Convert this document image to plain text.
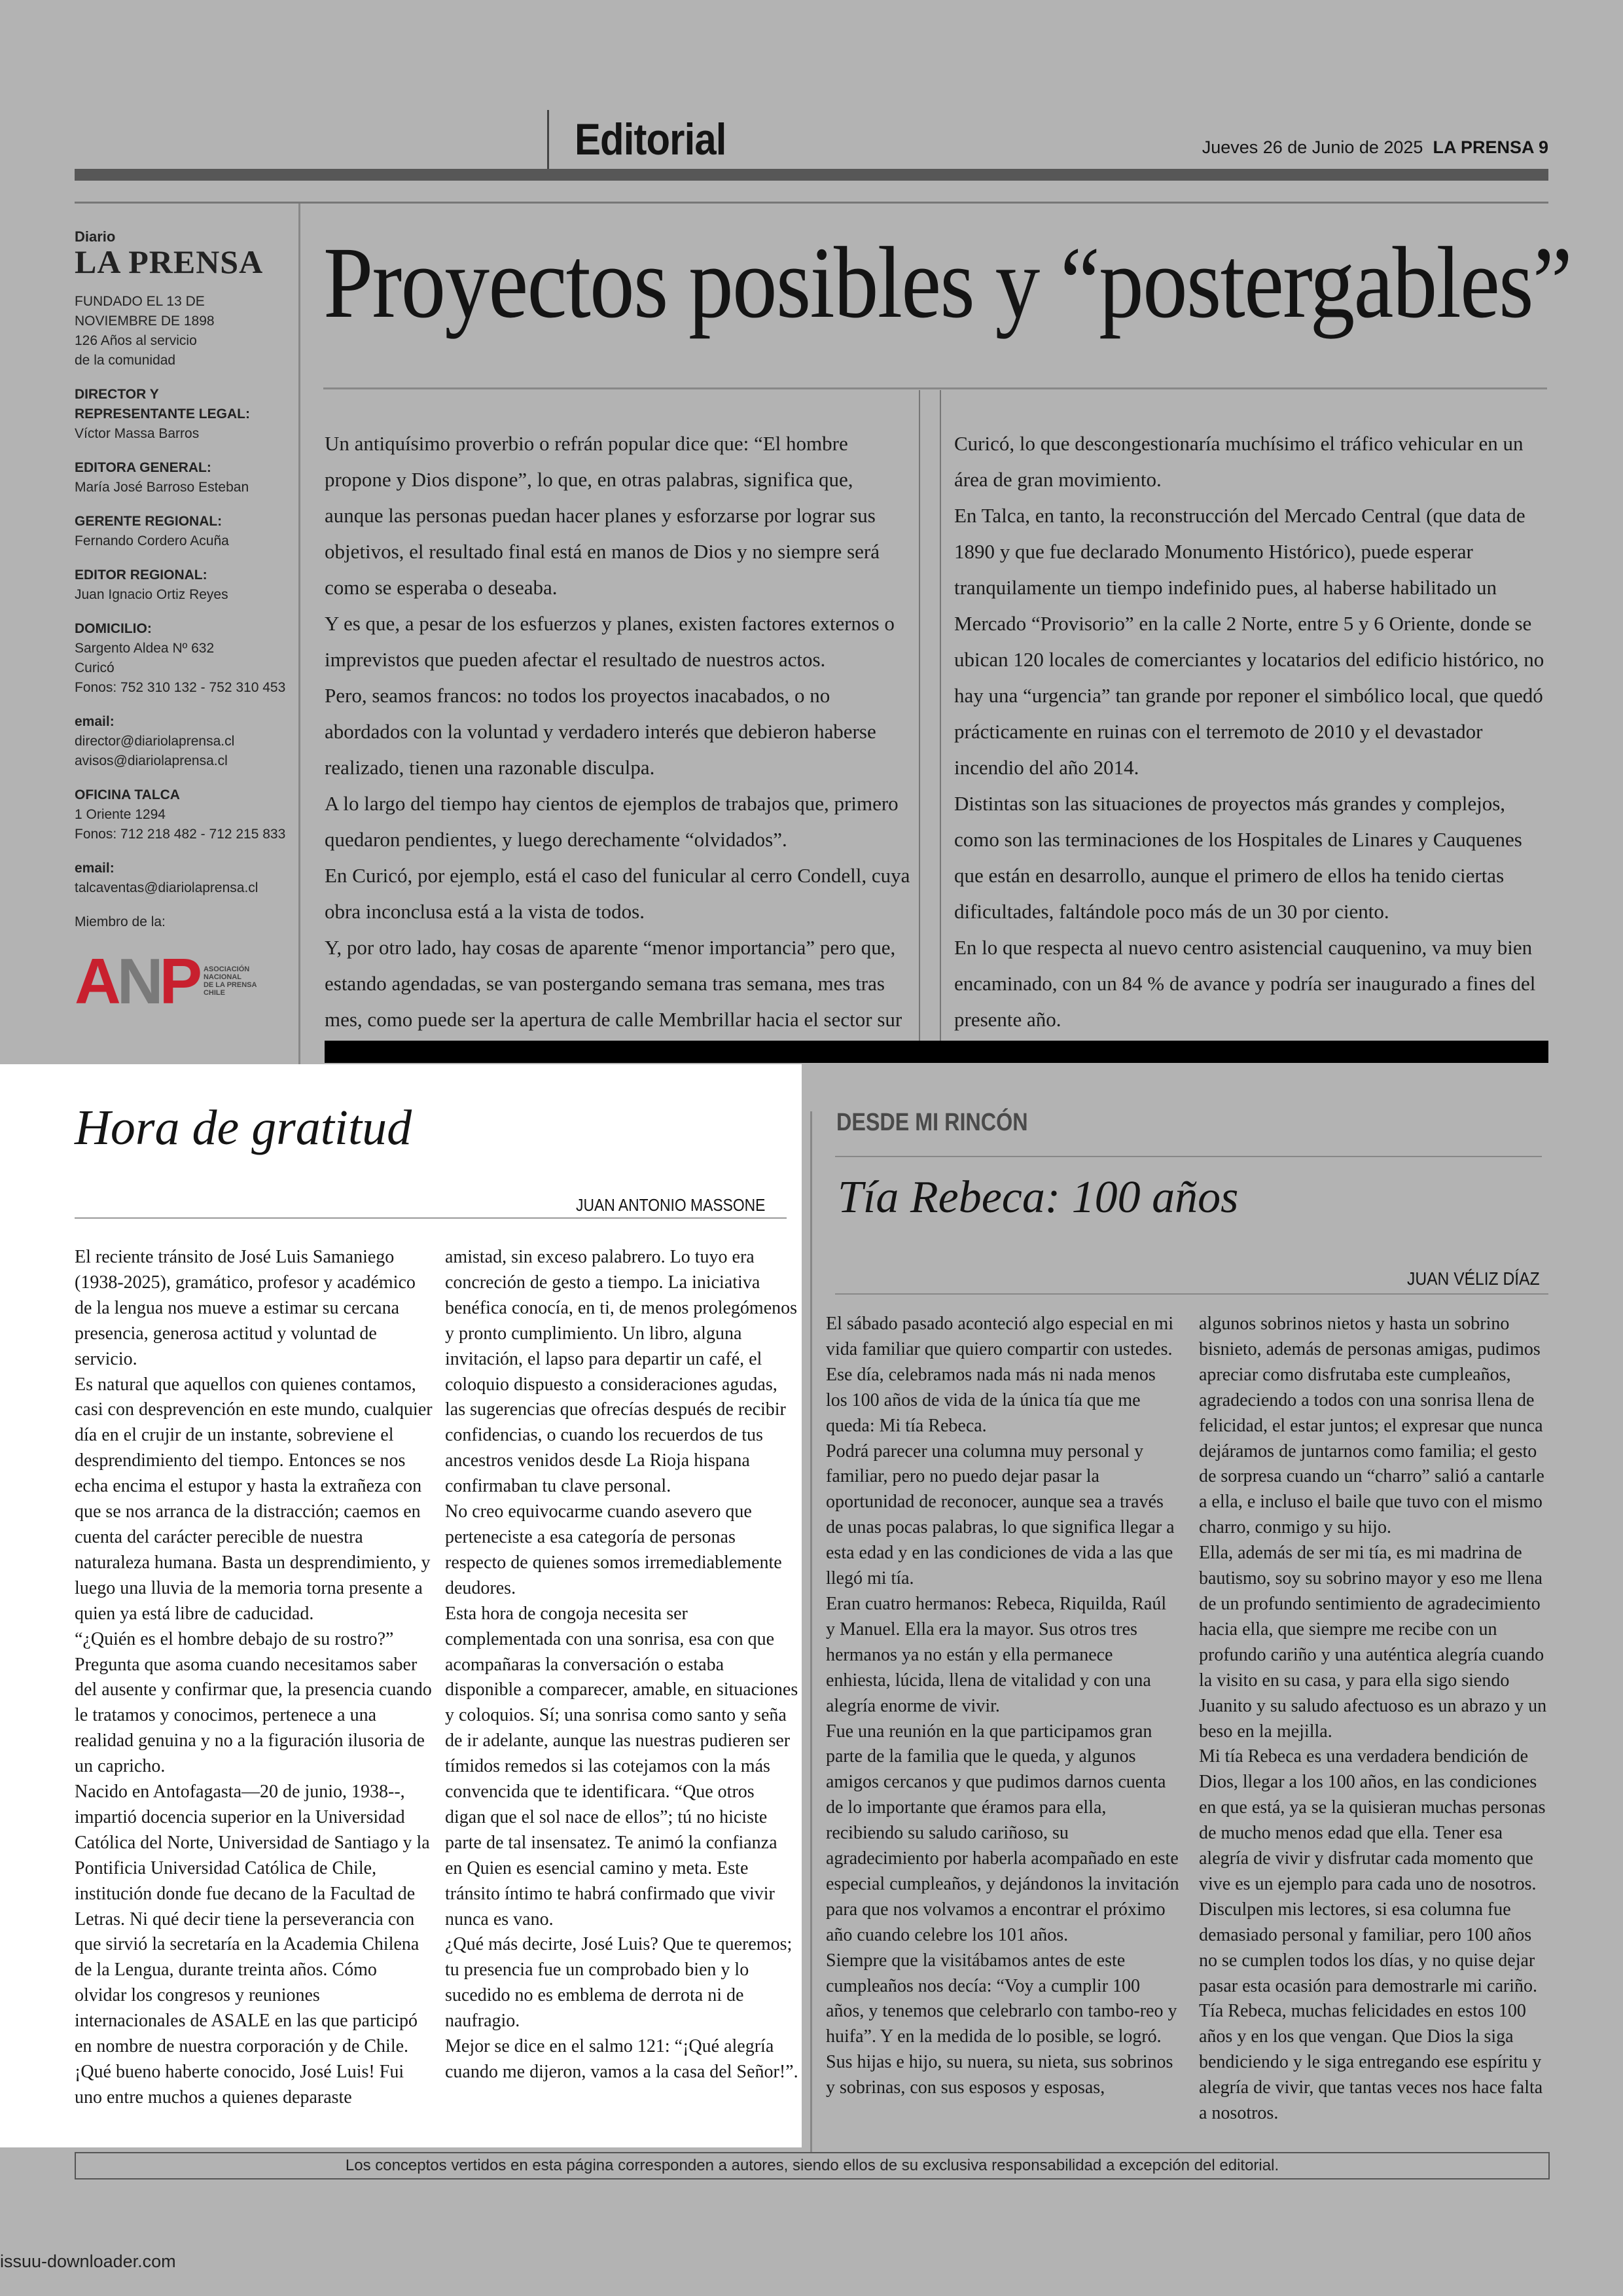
Editorial	Jueves 26 de Junio de 2025 LA PRENSA 9
Diario
LA PRENSA
FUNDADO EL 13 DE
NOVIEMBRE DE 1898
126 Años al servicio
de la comunidad
DIRECTOR Y
REPRESENTANTE LEGAL:
Víctor Massa Barros
EDITORA GENERAL:
María José Barroso Esteban
GERENTE REGIONAL:
Fernando Cordero Acuña
EDITOR REGIONAL:
Juan Ignacio Ortiz Reyes
DOMICILIO:
Sargento Aldea Nº 632
Curicó
Fonos: 752 310 132 - 752 310 453
email:
director@diariolaprensa.cl
avisos@diariolaprensa.cl
OFICINA TALCA
1 Oriente 1294
Fonos: 712 218 482 - 712 215 833
email:
talcaventas@diariolaprensa.cl
Miembro de la:
ANP ASOCIACIÓN
NACIONAL
DE LA PRENSA
CHILE
Proyectos posibles y “postergables”

Un antiquísimo proverbio o refrán popular dice que: “El hombre propone y Dios dispone”, lo que, en otras palabras, significa que, aunque las personas puedan hacer planes y esforzarse por lograr sus objetivos, el resultado final está en manos de Dios y no siempre será como se esperaba o deseaba.

Y es que, a pesar de los esfuerzos y planes, existen factores externos o imprevistos que pueden afectar el resultado de nuestros actos.

Pero, seamos francos: no todos los proyectos inacabados, o no abordados con la voluntad y verdadero interés que debieron haberse realizado, tienen una razonable disculpa.

A lo largo del tiempo hay cientos de ejemplos de trabajos que, primero quedaron pendientes, y luego derechamente “olvidados”.

En Curicó, por ejemplo, está el caso del funicular al cerro Condell, cuya obra inconclusa está a la vista de todos.

Y, por otro lado, hay cosas de aparente “menor importancia” pero que, estando agendadas, se van postergando semana tras semana, mes tras mes, como puede ser la apertura de calle Membrillar hacia el sector sur

Curicó, lo que descongestionaría muchísimo el tráfico vehicular en un área de gran movimiento.

En Talca, en tanto, la reconstrucción del Mercado Central (que data de 1890 y que fue declarado Monumento Histórico), puede esperar tranquilamente un tiempo indefinido pues, al haberse habilitado un Mercado “Provisorio” en la calle 2 Norte, entre 5 y 6 Oriente, donde se ubican 120 locales de comerciantes y locatarios del edificio histórico, no hay una “urgencia” tan grande por reponer el simbólico local, que quedó prácticamente en ruinas con el terremoto de 2010 y el devastador incendio del año 2014.

Distintas son las situaciones de proyectos más grandes y complejos, como son las terminaciones de los Hospitales de Linares y Cauquenes que están en desarrollo, aunque el primero de ellos ha tenido ciertas dificultades, faltándole poco más de un 30 por ciento.

En lo que respecta al nuevo centro asistencial cauquenino, va muy bien encaminado, con un 84 % de avance y podría ser inaugurado a fines del presente año.

Hora de gratitud
JUAN ANTONIO MASSONE

El reciente tránsito de José Luis Samaniego (1938-2025), gramático, profesor y académico de la lengua nos mueve a estimar su cercana presencia, generosa actitud y voluntad de servicio.

Es natural que aquellos con quienes contamos, casi con desprevención en este mundo, cualquier día en el crujir de un instante, sobreviene el desprendimiento del tiempo. Entonces se nos echa encima el estupor y hasta la extrañeza con que se nos arranca de la distracción; caemos en cuenta del carácter perecible de nuestra naturaleza humana. Basta un desprendimiento, y luego una lluvia de la memoria torna presente a quien ya está libre de caducidad.

“¿Quién es el hombre debajo de su rostro?” Pregunta que asoma cuando necesitamos saber del ausente y confirmar que, la presencia cuando le tratamos y conocimos, pertenece a una realidad genuina y no a la figuración ilusoria de un capricho.

Nacido en Antofagasta—20 de junio, 1938--, impartió docencia superior en la Universidad Católica del Norte, Universidad de Santiago y la Pontificia Universidad Católica de Chile, institución donde fue decano de la Facultad de Letras. Ni qué decir tiene la perseverancia con que sirvió la secretaría en la Academia Chilena de la Lengua, durante treinta años. Cómo olvidar los congresos y reuniones internacionales de ASALE en las que participó en nombre de nuestra corporación y de Chile. ¡Qué bueno haberte conocido, José Luis! Fui uno entre muchos a quienes deparaste

amistad, sin exceso palabrero. Lo tuyo era concreción de gesto a tiempo. La iniciativa benéfica conocía, en ti, de menos prolegómenos y pronto cumplimiento. Un libro, alguna invitación, el lapso para departir un café, el coloquio dispuesto a consideraciones agudas, las sugerencias que ofrecías después de recibir confidencias, o cuando los recuerdos de tus ancestros venidos desde La Rioja hispana confirmaban tu clave personal.

No creo equivocarme cuando asevero que perteneciste a esa categoría de personas respecto de quienes somos irremediablemente deudores.

Esta hora de congoja necesita ser complementada con una sonrisa, esa con que acompañaras la conversación o estaba disponible a comparecer, amable, en situaciones y coloquios. Sí; una sonrisa como santo y seña de ir adelante, aunque las nuestras pudieren ser tímidos remedos si las cotejamos con la más convencida que te identificara. “Que otros digan que el sol nace de ellos”; tú no hiciste parte de tal insensatez. Te animó la confianza en Quien es esencial camino y meta. Este tránsito íntimo te habrá confirmado que vivir nunca es vano.

¿Qué más decirte, José Luis? Que te queremos; tu presencia fue un comprobado bien y lo sucedido no es emblema de derrota ni de naufragio.

Mejor se dice en el salmo 121: “¡Qué alegría cuando me dijeron, vamos a la casa del Señor!”.

DESDE MI RINCÓN
Tía Rebeca: 100 años
JUAN VÉLIZ DÍAZ

El sábado pasado aconteció algo especial en mi vida familiar que quiero compartir con ustedes.

Ese día, celebramos nada más ni nada menos los 100 años de vida de la única tía que me queda: Mi tía Rebeca.

Podrá parecer una columna muy personal y familiar, pero no puedo dejar pasar la oportunidad de reconocer, aunque sea a través de unas pocas palabras, lo que significa llegar a esta edad y en las condiciones de vida a las que llegó mi tía.

Eran cuatro hermanos: Rebeca, Riquilda, Raúl y Manuel. Ella era la mayor. Sus otros tres hermanos ya no están y ella permanece enhiesta, lúcida, llena de vitalidad y con una alegría enorme de vivir.

Fue una reunión en la que participamos gran parte de la familia que le queda, y algunos amigos cercanos y que pudimos darnos cuenta de lo importante que éramos para ella, recibiendo su saludo cariñoso, su agradecimiento por haberla acompañado en este especial cumpleaños, y dejándonos la invitación para que nos volvamos a encontrar el próximo año cuando celebre los 101 años.

Siempre que la visitábamos antes de este cumpleaños nos decía: “Voy a cumplir 100 años, y tenemos que celebrarlo con tambo-reo y huifa”. Y en la medida de lo posible, se logró. Sus hijas e hijo, su nuera, su nieta, sus sobrinos y sobrinas, con sus esposos y esposas,

algunos sobrinos nietos y hasta un sobrino bisnieto, además de personas amigas, pudimos apreciar como disfrutaba este cumpleaños, agradeciendo a todos con una sonrisa llena de felicidad, el estar juntos; el expresar que nunca dejáramos de juntarnos como familia; el gesto de sorpresa cuando un “charro” salió a cantarle a ella, e incluso el baile que tuvo con el mismo charro, conmigo y su hijo.

Ella, además de ser mi tía, es mi madrina de bautismo, soy su sobrino mayor y eso me llena de un profundo sentimiento de agradecimiento hacia ella, que siempre me recibe con un profundo cariño y una auténtica alegría cuando la visito en su casa, y para ella sigo siendo Juanito y su saludo afectuoso es un abrazo y un beso en la mejilla.

Mi tía Rebeca es una verdadera bendición de Dios, llegar a los 100 años, en las condiciones en que está, ya se la quisieran muchas personas de mucho menos edad que ella. Tener esa alegría de vivir y disfrutar cada momento que vive es un ejemplo para cada uno de nosotros.

Disculpen mis lectores, si esa columna fue demasiado personal y familiar, pero 100 años no se cumplen todos los días, y no quise dejar pasar esta ocasión para demostrarle mi cariño.

Tía Rebeca, muchas felicidades en estos 100 años y en los que vengan. Que Dios la siga bendiciendo y le siga entregando ese espíritu y alegría de vivir, que tantas veces nos hace falta a nosotros.

Los conceptos vertidos en esta página corresponden a autores, siendo ellos de su exclusiva responsabilidad a excepción del editorial.
issuu-downloader.com
